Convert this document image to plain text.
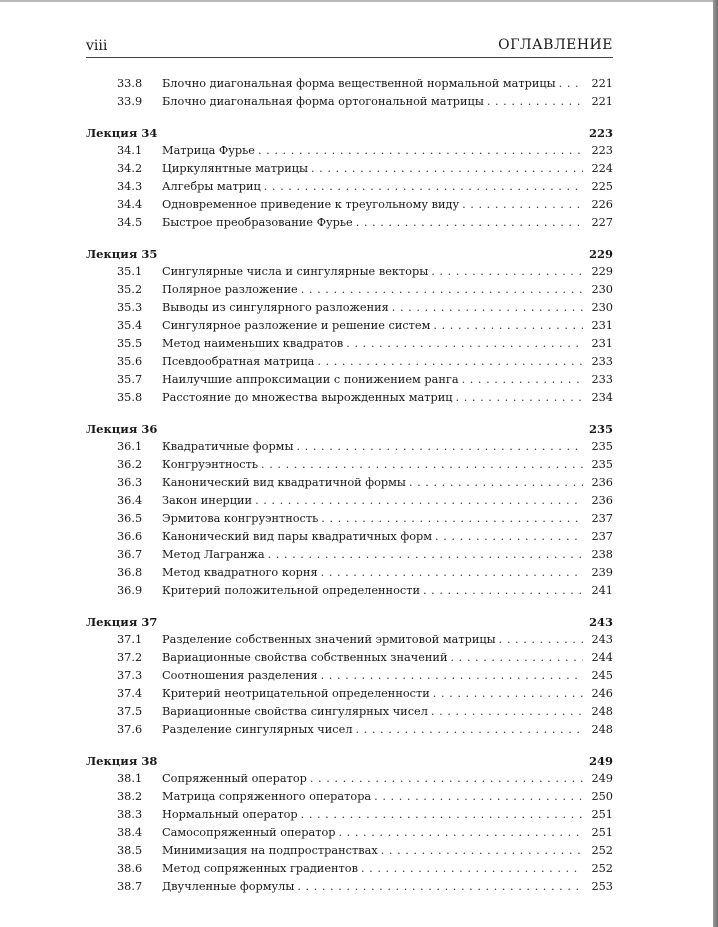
viii	ОГЛАВЛЕНИЕ
33.8 Блочно диагональная форма вещественной нормальной матрицы . . .	221
33.9 Блочно диагональная форма ортогональной матрицы . . .	221
Лекция 34	223
34.1 Матрица Фурье . . .	223
34.2 Циркулянтные матрицы . . .	224
34.3 Алгебры матриц . . .	225
34.4 Одновременное приведение к треугольному виду . . .	226
34.5 Быстрое преобразование Фурье . . .	227
Лекция 35	229
35.1 Сингулярные числа и сингулярные векторы . . .	229
35.2 Полярное разложение . . .	230
35.3 Выводы из сингулярного разложения . . .	230
35.4 Сингулярное разложение и решение систем . . .	231
35.5 Метод наименьших квадратов . . .	231
35.6 Псевдообратная матрица . . .	233
35.7 Наилучшие аппроксимации с понижением ранга . . .	233
35.8 Расстояние до множества вырожденных матриц . . .	234
Лекция 36	235
36.1 Квадратичные формы . . .	235
36.2 Конгруэнтность . . .	235
36.3 Канонический вид квадратичной формы . . .	236
36.4 Закон инерции . . .	236
36.5 Эрмитова конгруэнтность . . .	237
36.6 Канонический вид пары квадратичных форм . . .	237
36.7 Метод Лагранжа . . .	238
36.8 Метод квадратного корня . . .	239
36.9 Критерий положительной определенности . . .	241
Лекция 37	243
37.1 Разделение собственных значений эрмитовой матрицы . . .	243
37.2 Вариационные свойства собственных значений . . .	244
37.3 Соотношения разделения . . .	245
37.4 Критерий неотрицательной определенности . . .	246
37.5 Вариационные свойства сингулярных чисел . . .	248
37.6 Разделение сингулярных чисел . . .	248
Лекция 38	249
38.1 Сопряженный оператор . . .	249
38.2 Матрица сопряженного оператора . . .	250
38.3 Нормальный оператор . . .	251
38.4 Самосопряженный оператор . . .	251
38.5 Минимизация на подпространствах . . .	252
38.6 Метод сопряженных градиентов . . .	252
38.7 Двучленные формулы . . .	253
